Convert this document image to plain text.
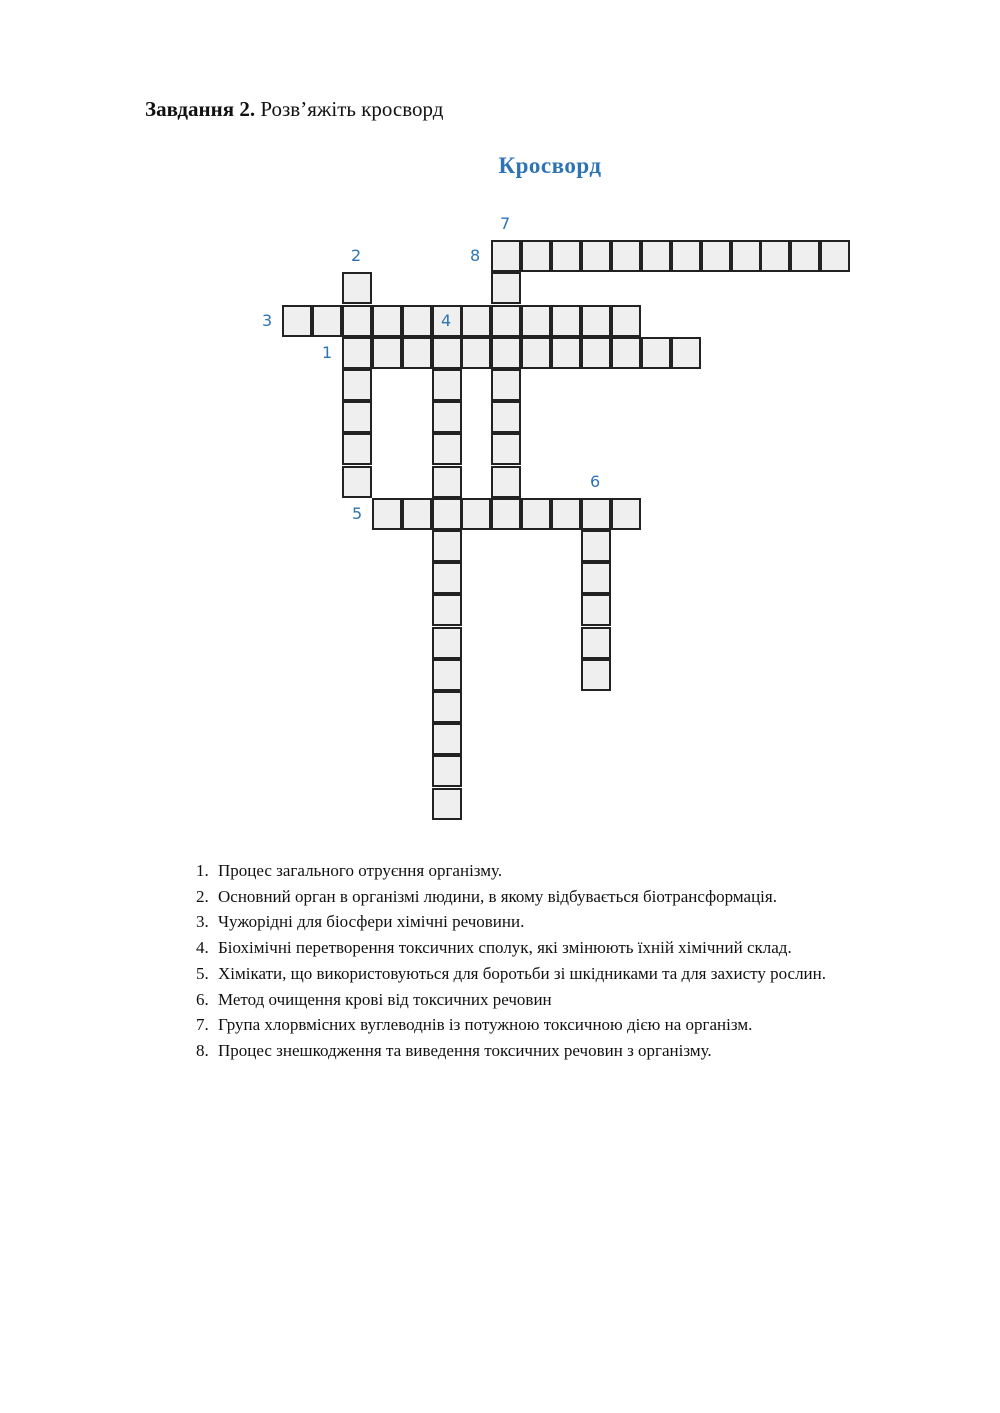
Завдання 2. Розв’яжіть кросворд
Кросворд
1
2
3	4
5
6
7
8
1. Процес загального отруєння організму.
2. Основний орган в організмі людини, в якому відбувається біотрансформація.
3. Чужорідні для біосфери хімічні речовини.
4. Біохімічні перетворення токсичних сполук, які змінюють їхній хімічний склад.
5. Хімікати, що використовуються для боротьби зі шкідниками та для захисту рослин.
6. Метод очищення крові від токсичних речовин
7. Група хлорвмісних вуглеводнів із потужною токсичною дією на організм.
8. Процес знешкодження та виведення токсичних речовин з організму.
